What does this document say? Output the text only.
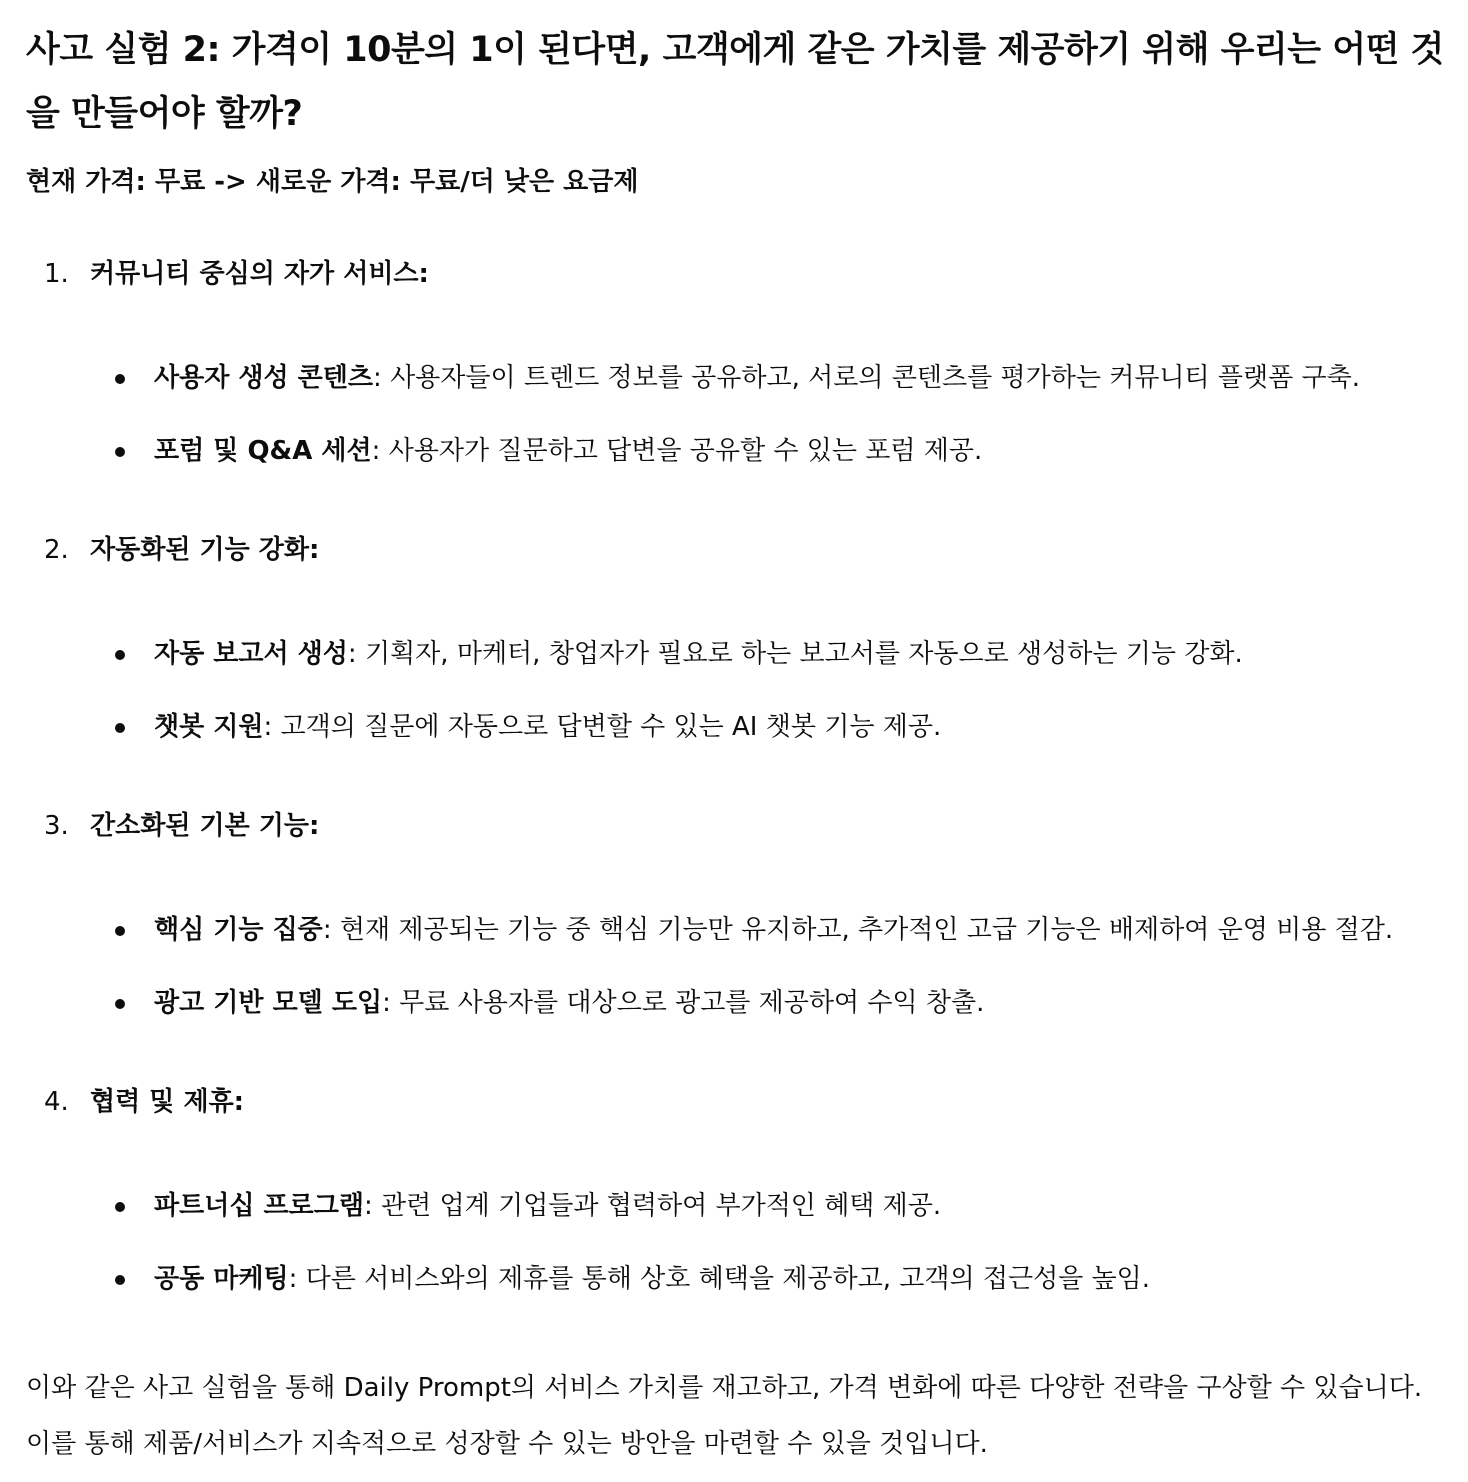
사고 실험 2: 가격이 10분의 1이 된다면, 고객에게 같은 가치를 제공하기 위해 우리는 어떤 것을 만들어야 할까?

현재 가격: 무료 -> 새로운 가격: 무료/더 낮은 요금제

1. 커뮤니티 중심의 자가 서비스:
사용자 생성 콘텐츠: 사용자들이 트렌드 정보를 공유하고, 서로의 콘텐츠를 평가하는 커뮤니티 플랫폼 구축.
포럼 및 Q&A 세션: 사용자가 질문하고 답변을 공유할 수 있는 포럼 제공.
2. 자동화된 기능 강화:
자동 보고서 생성: 기획자, 마케터, 창업자가 필요로 하는 보고서를 자동으로 생성하는 기능 강화.
챗봇 지원: 고객의 질문에 자동으로 답변할 수 있는 AI 챗봇 기능 제공.
3. 간소화된 기본 기능:
핵심 기능 집중: 현재 제공되는 기능 중 핵심 기능만 유지하고, 추가적인 고급 기능은 배제하여 운영 비용 절감.
광고 기반 모델 도입: 무료 사용자를 대상으로 광고를 제공하여 수익 창출.
4. 협력 및 제휴:
파트너십 프로그램: 관련 업계 기업들과 협력하여 부가적인 혜택 제공.
공동 마케팅: 다른 서비스와의 제휴를 통해 상호 혜택을 제공하고, 고객의 접근성을 높임.

이와 같은 사고 실험을 통해 Daily Prompt의 서비스 가치를 재고하고, 가격 변화에 따른 다양한 전략을 구상할 수 있습니다. 이를 통해 제품/서비스가 지속적으로 성장할 수 있는 방안을 마련할 수 있을 것입니다.
